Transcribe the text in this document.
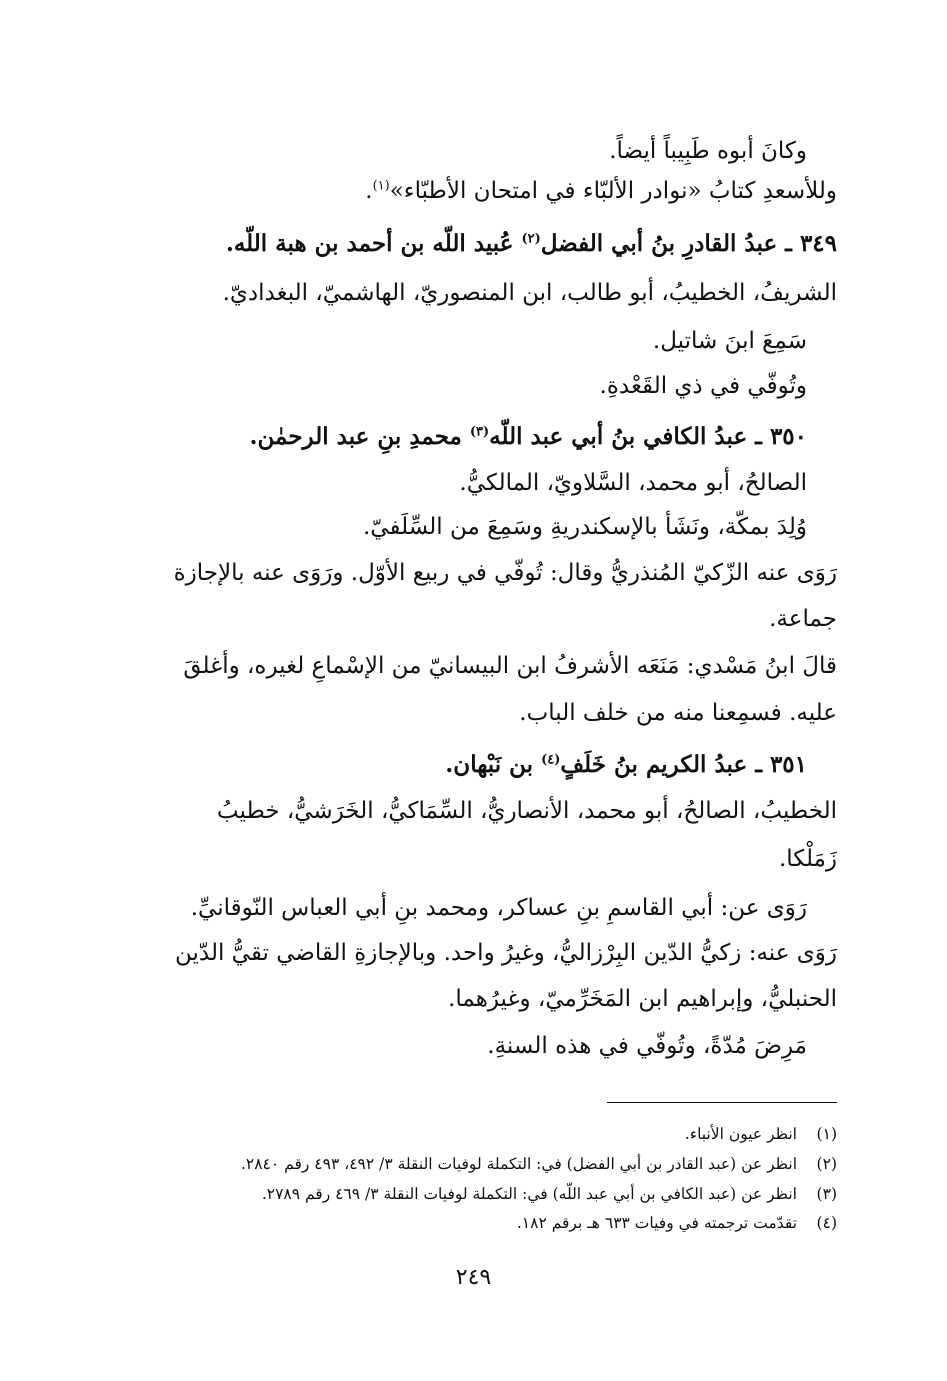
وكانَ أبوه طَبِيباً أيضاً.
وللأسعدِ كتابُ «نوادر الألبّاء في امتحان الأطبّاء»$^{(١)}$.
٣٤٩ ـ عبدُ القادرِ بنُ أبي الفضل$^{(٢)}$ عُبيد اللّه بن أحمد بن هبة اللّه.
الشريفُ، الخطيبُ، أبو طالب، ابن المنصوريّ، الهاشميّ، البغداديّ.
سَمِعَ ابنَ شاتيل.
وتُوفّي في ذي القَعْدةِ.
٣٥٠ ـ عبدُ الكافي بنُ أبي عبد اللّه$^{(٣)}$ محمدِ بنِ عبد الرحمٰن.
الصالحُ، أبو محمد، السَّلاويّ، المالكيُّ.
وُلِدَ بمكّة، ونَشَأ بالإسكندريةِ وسَمِعَ من السِّلَفيّ.
رَوَى عنه الزّكيّ المُنذريُّ وقال: تُوفّي في ربيع الأوّل. ورَوَى عنه بالإجازة
جماعة.
قالَ ابنُ مَسْدي: مَنَعَه الأشرفُ ابن البيسانيّ من الإسْماعِ لغيره، وأغلقَ
عليه. فسمِعنا منه من خلف الباب.
٣٥١ ـ عبدُ الكريم بنُ خَلَفٍ$^{(٤)}$ بن نَبْهان.
الخطيبُ، الصالحُ، أبو محمد، الأنصاريُّ، السِّمَاكيُّ، الخَرَشيُّ، خطيبُ
زَمَلْكا.
رَوَى عن: أبي القاسمِ بنِ عساكر، ومحمد بنِ أبي العباس النّوقانيِّ.
رَوَى عنه: زكيُّ الدّين البِرْزاليُّ، وغيرُ واحد. وبالإجازةِ القاضي تقيُّ الدّين
الحنبليُّ، وإبراهيم ابن المَخَرِّميّ، وغيرُهما.
مَرِضَ مُدّةً، وتُوفّي في هذه السنةِ.
(١)انظر عيون الأنباء.
(٢)انظر عن (عبد القادر بن أبي الفضل) في: التكملة لوفيات النقلة ٣/ ٤٩٢، ٤٩٣ رقم ٢٨٤٠.
(٣)انظر عن (عبد الكافي بن أبي عبد اللّه) في: التكملة لوفيات النقلة ٣/ ٤٦٩ رقم ٢٧٨٩.
(٤)تقدّمت ترجمته في وفيات ٦٣٣ هـ برقم ١٨٢.
٢٤٩
